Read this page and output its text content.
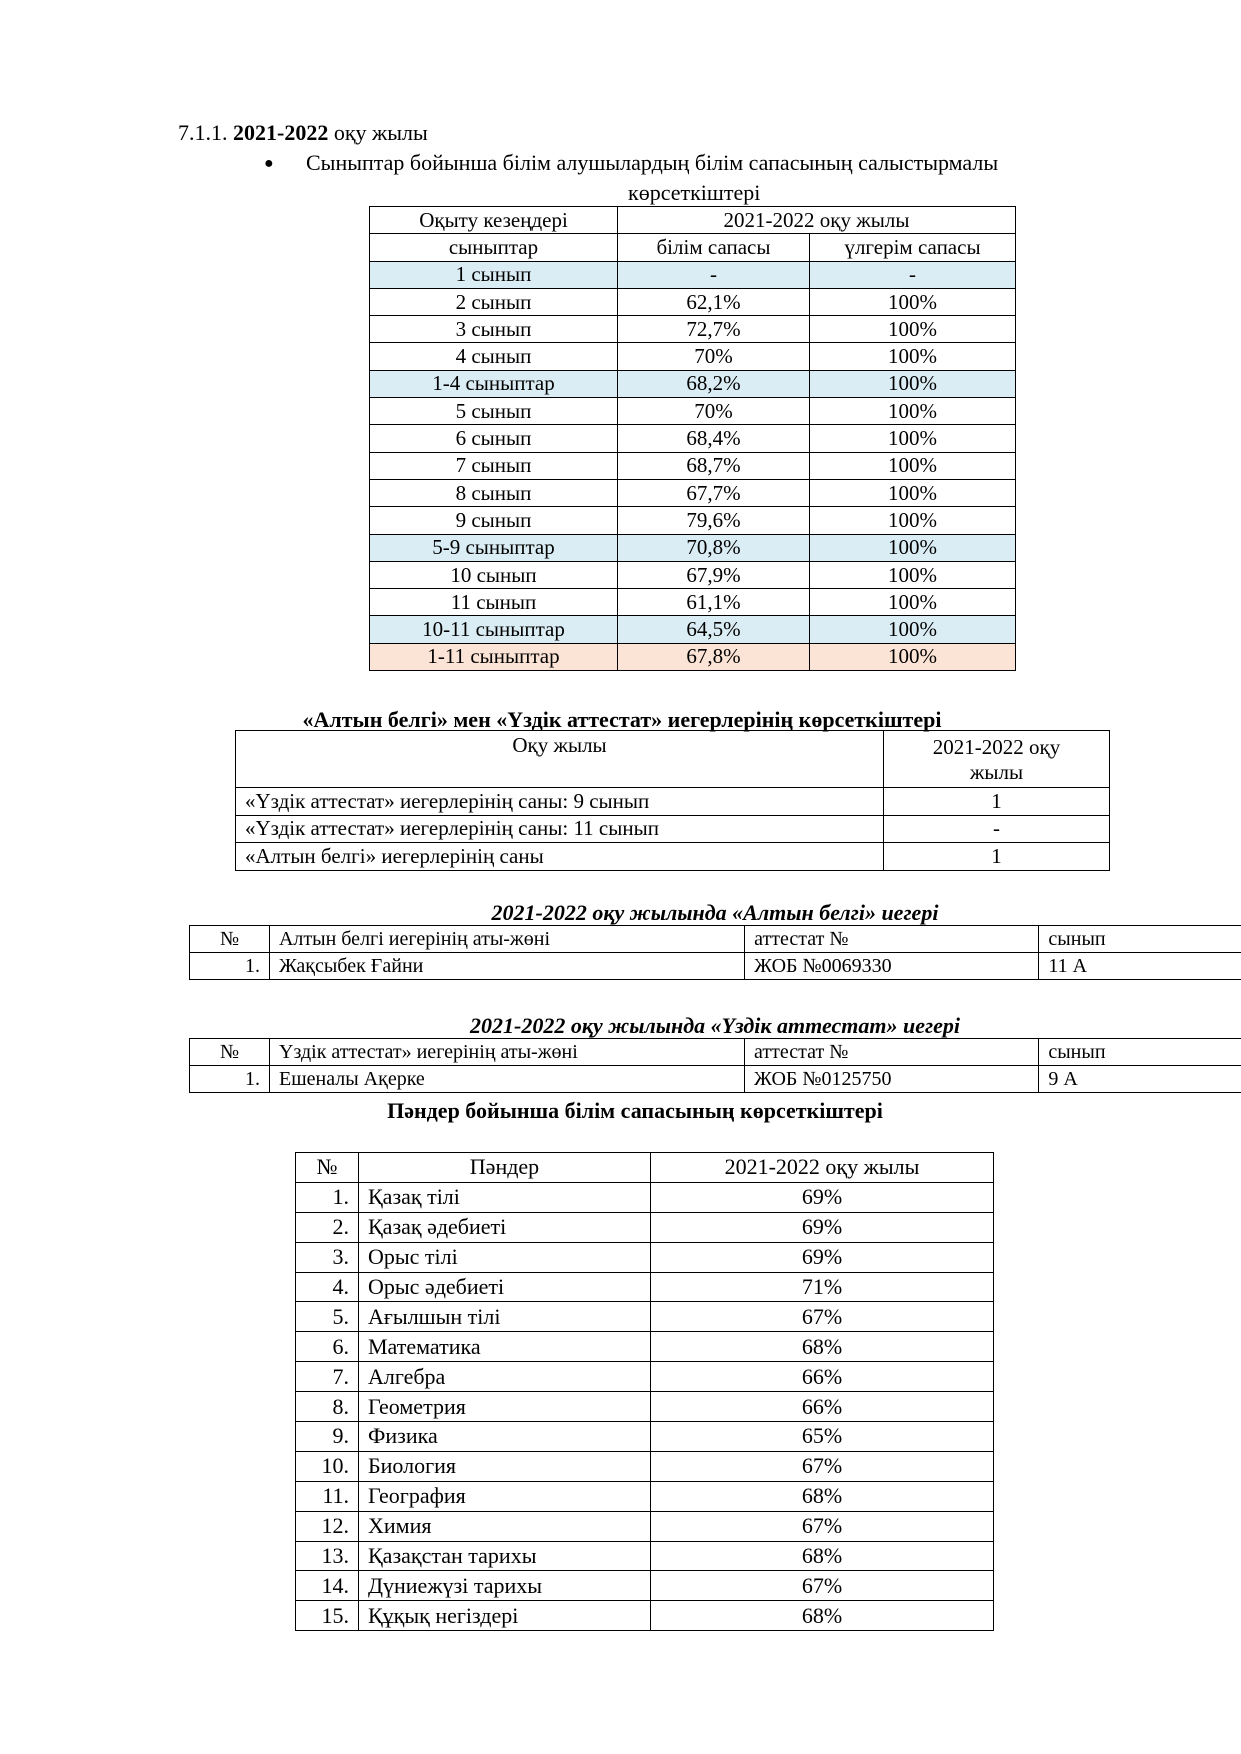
7.1.1. 2021-2022 оқу жылы
● Сыныптар бойынша білім алушылардың білім сапасының салыстырмалы
көрсеткіштері
Оқыту кезеңдері	2021-2022 оқу жылы	
сыныптар	білім сапасы	үлгерім сапасы
1 сынып	-	-
2 сынып	62,1%	100%
3 сынып	72,7%	100%
4 сынып	70%	100%
1-4 сыныптар	68,2%	100%
5 сынып	70%	100%
6 сынып	68,4%	100%
7 сынып	68,7%	100%
8 сынып	67,7%	100%
9 сынып	79,6%	100%
5-9 сыныптар	70,8%	100%
10 сынып	67,9%	100%
11 сынып	61,1%	100%
10-11 сыныптар	64,5%	100%
1-11 сыныптар	67,8%	100%
«Алтын белгі» мен «Үздік аттестат» иегерлерінің көрсеткіштері
Оқу жылы	2021-2022 оқу жылы

«Үздік аттестат» иегерлерінің саны: 9 сынып	1
«Үздік аттестат» иегерлерінің саны: 11 сынып	-
«Алтын белгі» иегерлерінің саны	1
2021-2022 оқу жылында «Алтын белгі» иегері
№	Алтын белгі иегерінің аты-жөні	аттестат №	сынып
1.	Жақсыбек Ғайни	ЖОБ №0069330	11 А
2021-2022 оқу жылында «Үздік аттестат» иегері
№	Үздік аттестат» иегерінің аты-жөні	аттестат №	сынып
1.	Ешеналы Ақерке	ЖОБ №0125750	9 А
Пәндер бойынша білім сапасының көрсеткіштері
№	Пәндер	2021-2022 оқу жылы
1.	Қазақ тілі	69%
2.	Қазақ әдебиеті	69%
3.	Орыс тілі	69%
4.	Орыс әдебиеті	71%
5.	Ағылшын тілі	67%
6.	Математика	68%
7.	Алгебра	66%
8.	Геометрия	66%
9.	Физика	65%
10.	Биология	67%
11.	География	68%
12.	Химия	67%
13.	Қазақстан тарихы	68%
14.	Дүниежүзі тарихы	67%
15.	Құқық негіздері	68%
